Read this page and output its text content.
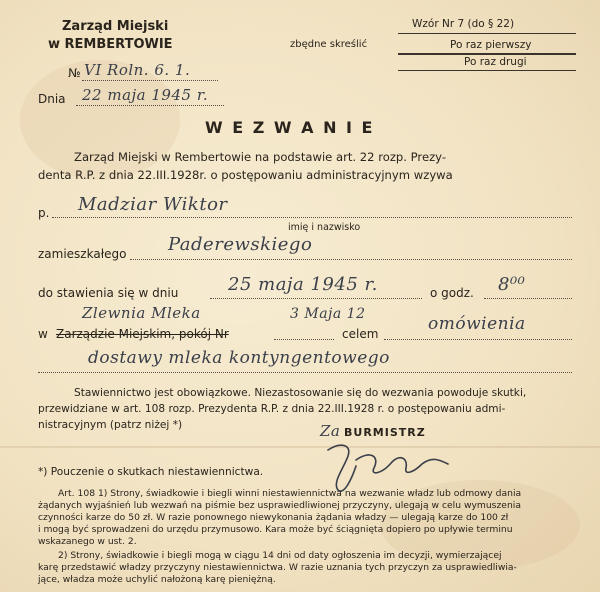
Zarząd Miejski
w REMBERTOWIE	zbędne skreślić
Wzór Nr 7 (do § 22)
Po raz pierwszy
Po raz drugi
№ VI Roln. 6. 1.
Dnia 22 maja 1945 r.
W E Z W A N I E
Zarząd Miejski w Rembertowie na podstawie art. 22 rozp. Prezy-
denta R.P. z dnia 22.III.1928r. o postępowaniu administracyjnym wzywa
p. Madziar Wiktor
imię i nazwisko
zamieszkałego Paderewskiego
do stawienia się w dniu	25 maja 1945 r.	o godz. 8⁰⁰
Zlewnia Mleka	3 Maja 12
w Zarządzie Miejskim, pokój Nr	celem	omówienia
dostawy mleka kontyngentowego
Stawiennictwo jest obowiązkowe. Niezastosowanie się do wezwania powoduje skutki,
przewidziane w art. 108 rozp. Prezydenta R.P. z dnia 22.III.1928 r. o postępowaniu admi-
nistracyjnym (patrz niżej *)	Za BURMISTRZ
*) Pouczenie o skutkach niestawiennictwa.
Art. 108 1) Strony, świadkowie i biegli winni niestawiennictwa na wezwanie władz lub odmowy dania
żądanych wyjaśnień lub wezwań na piśmie bez usprawiedliwionej przyczyny, ulegają w celu wymuszenia
czynności karze do 50 zł. W razie ponownego niewykonania żądania władzy — ulegają karze do 100 zł
i mogą być sprowadzeni do urzędu przymusowo. Kara może być ściągnięta dopiero po upływie terminu
wskazanego w ust. 2.
2) Strony, świadkowie i biegli mogą w ciągu 14 dni od daty ogłoszenia im decyzji, wymierzającej
karę przedstawić władzy przyczyny niestawiennictwa. W razie uznania tych przyczyn za usprawiedliwia-
jące, władza może uchylić nałożoną karę pieniężną.
